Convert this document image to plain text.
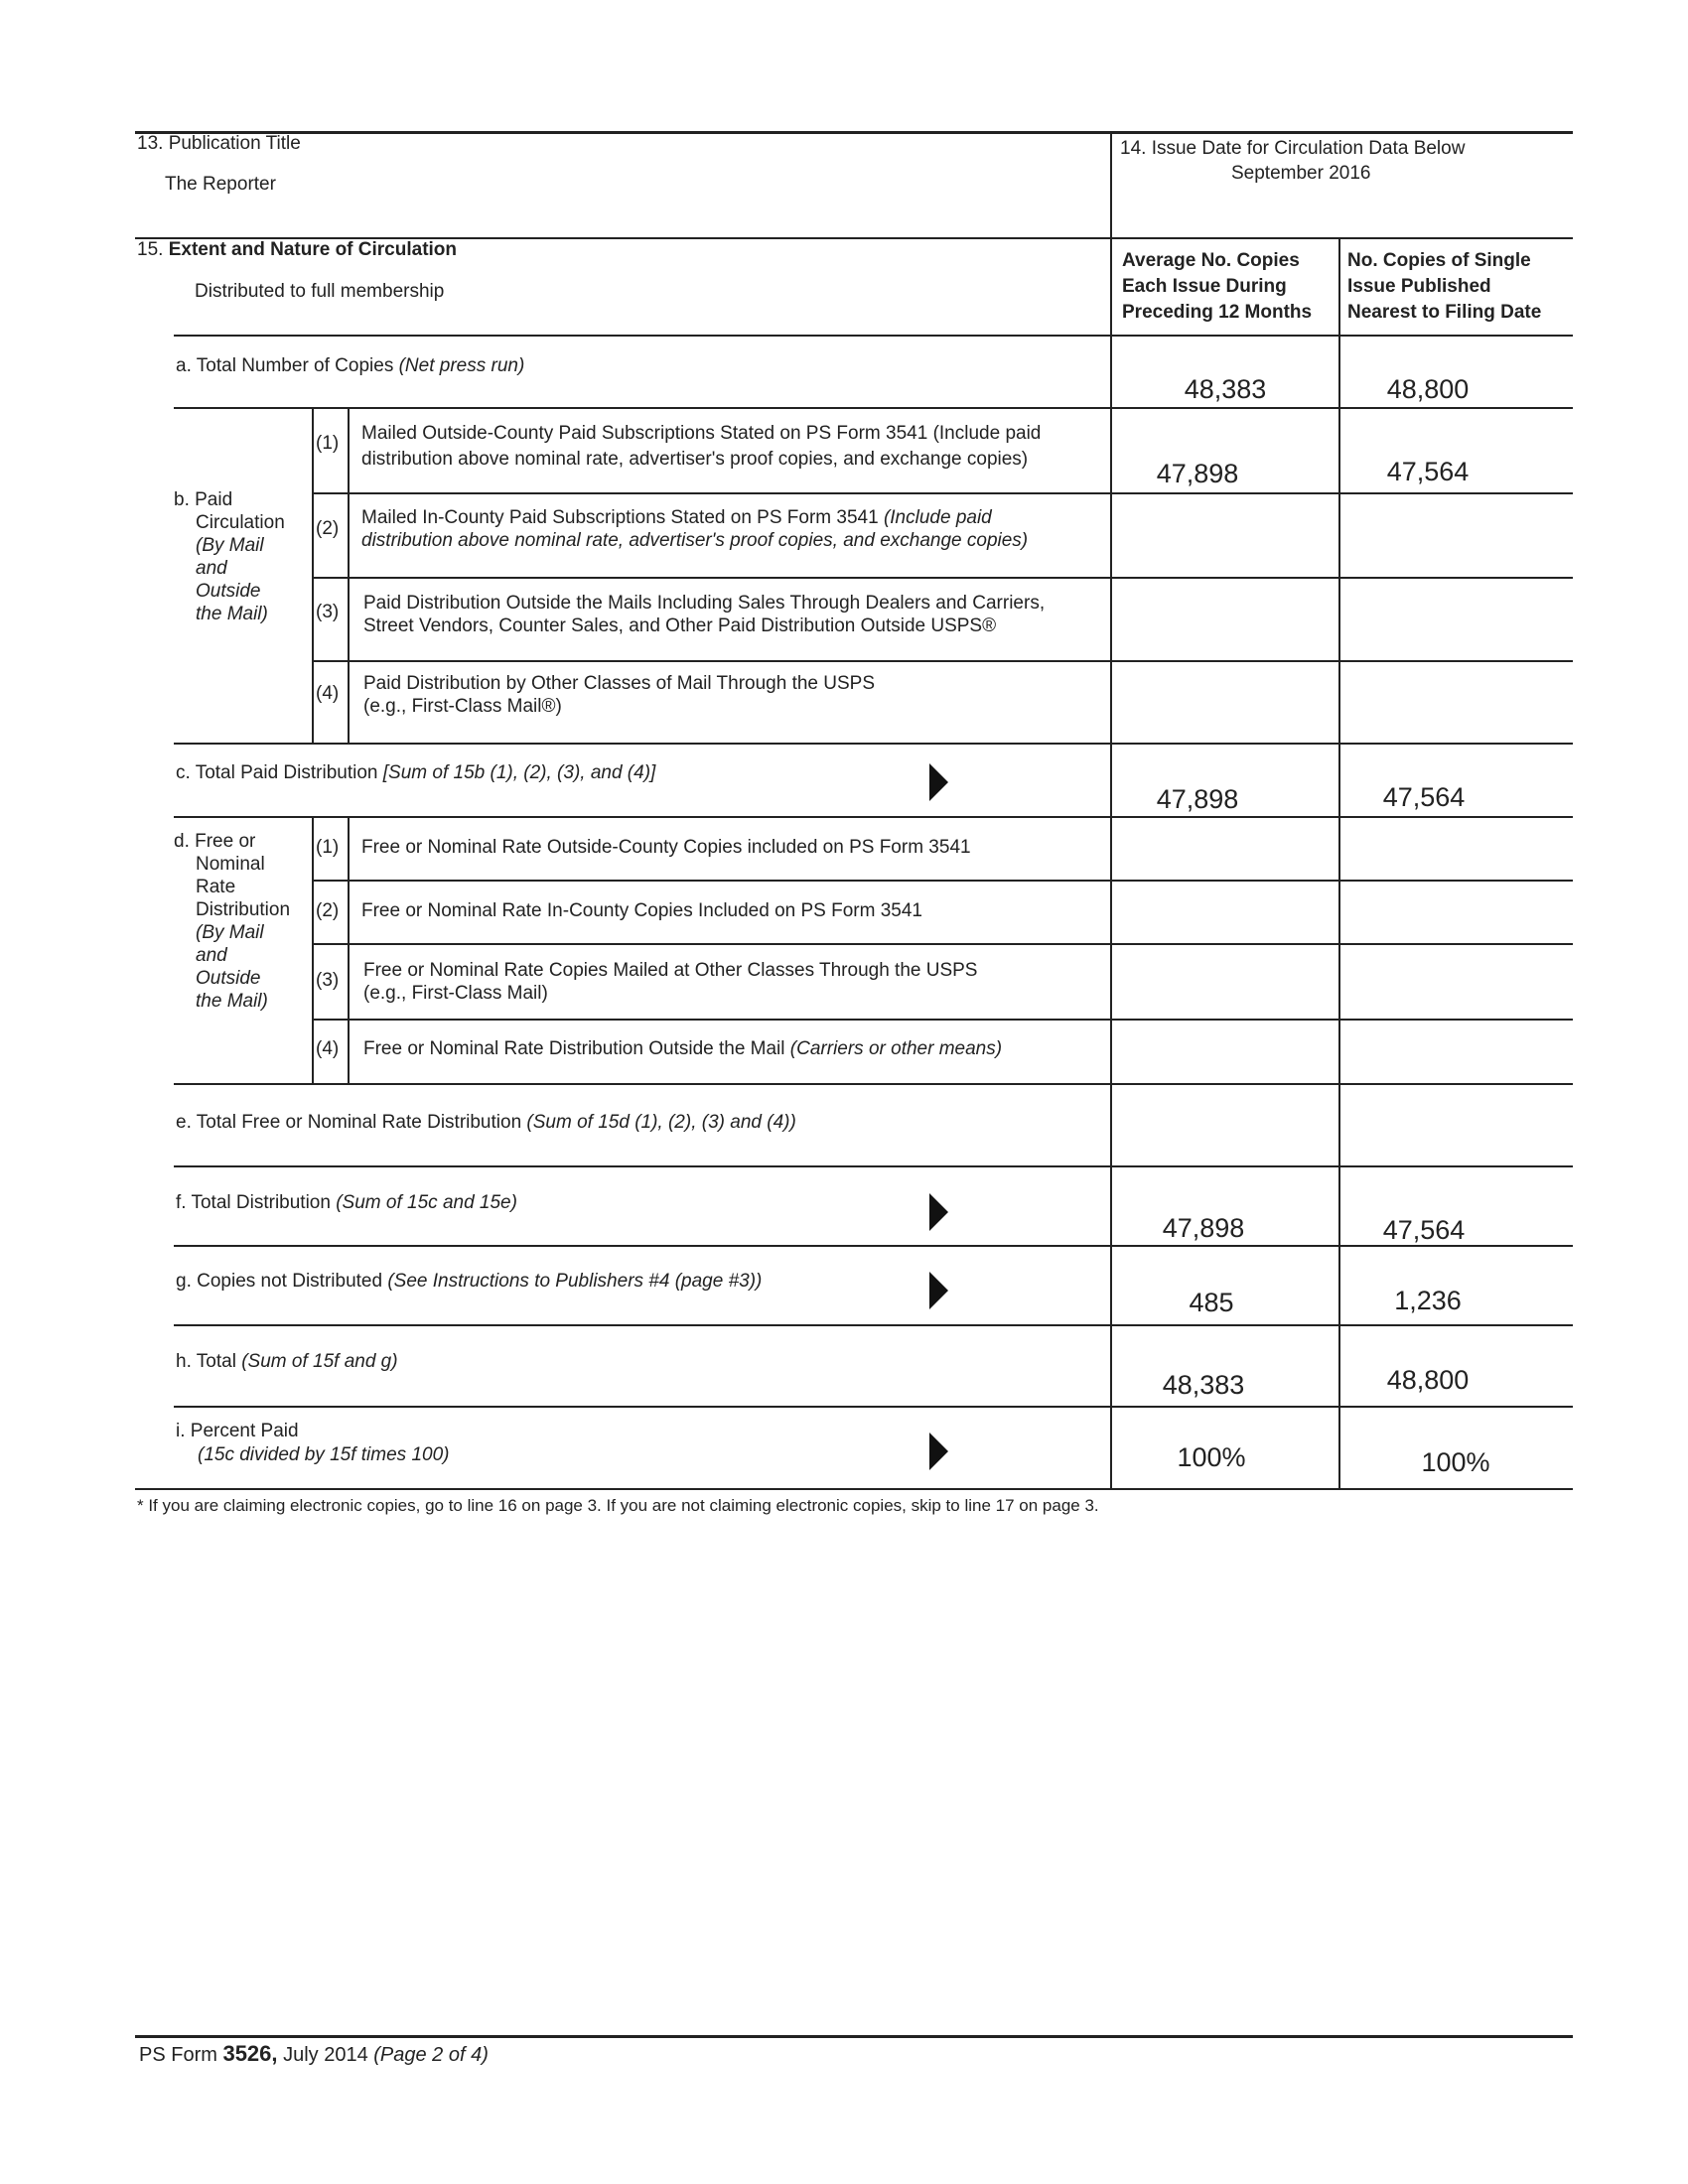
13. Publication Title
The Reporter
14. Issue Date for Circulation Data Below
September 2016
15. Extent and Nature of Circulation
Distributed to full membership
Average No. Copies
Each Issue During
Preceding 12 Months
No. Copies of Single
Issue Published
Nearest to Filing Date
a. Total Number of Copies (Net press run)
48,383	48,800
b. Paid
Circulation
(By Mail
and
Outside
the Mail)
(1) Mailed Outside-County Paid Subscriptions Stated on PS Form 3541 (Include paid
distribution above nominal rate, advertiser's proof copies, and exchange copies)	47,898	47,564
(2)
Mailed In-County Paid Subscriptions Stated on PS Form 3541 (Include paid
distribution above nominal rate, advertiser's proof copies, and exchange copies)
(3) Paid Distribution Outside the Mails Including Sales Through Dealers and Carriers,
Street Vendors, Counter Sales, and Other Paid Distribution Outside USPS®
(4) Paid Distribution by Other Classes of Mail Through the USPS
(e.g., First-Class Mail®)
c. Total Paid Distribution [Sum of 15b (1), (2), (3), and (4)]
47,898	47,564
d. Free or
Nominal
Rate
Distribution
(By Mail
and
Outside
the Mail)
(1) Free or Nominal Rate Outside-County Copies included on PS Form 3541
(2) Free or Nominal Rate In-County Copies Included on PS Form 3541
(3) Free or Nominal Rate Copies Mailed at Other Classes Through the USPS
(e.g., First-Class Mail)
(4) Free or Nominal Rate Distribution Outside the Mail (Carriers or other means)
e. Total Free or Nominal Rate Distribution (Sum of 15d (1), (2), (3) and (4))
f. Total Distribution (Sum of 15c and 15e)
47,898	47,564
g. Copies not Distributed (See Instructions to Publishers #4 (page #3))
485	1,236
h. Total (Sum of 15f and g)
48,383	48,800
i. Percent Paid
(15c divided by 15f times 100)	100%	100%
* If you are claiming electronic copies, go to line 16 on page 3. If you are not claiming electronic copies, skip to line 17 on page 3.
PS Form 3526, July 2014 (Page 2 of 4)
